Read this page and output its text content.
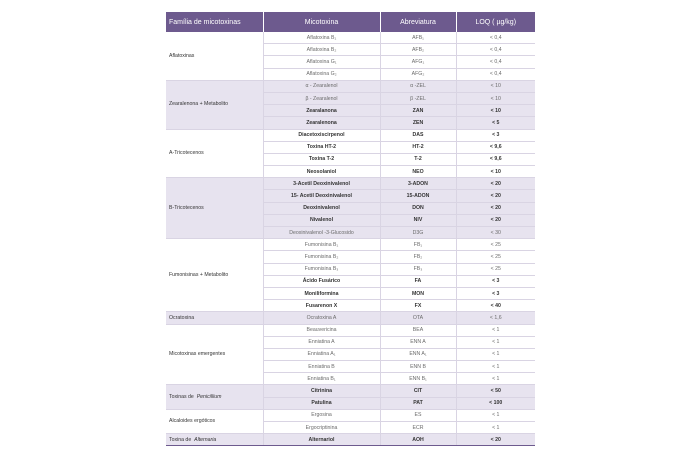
Família de micotoxinas	Micotoxina	Abreviatura	LOQ ( µg/kg)
Aflatoxinas	Aflatoxina B₁	AFB₁	< 0,4
	Aflatoxina B₂	AFB₂	< 0,4
	Aflatoxina G₁	AFG₁	< 0,4
	Aflatoxina G₂	AFG₂	< 0,4
Zearalenona + Metabolito	α - Zearalenol	α -ZEL	< 10
	β - Zearalenol	β -ZEL	< 10
	Zearalanona	ZAN	< 10
	Zearalenona	ZEN	< 5
A-Tricotecenos	Diacetoxiscirpenol	DAS	< 3
	Toxina HT-2	HT-2	< 9,6
	Toxina T-2	T-2	< 9,6
	Neosolaniol	NEO	< 10
B-Tricotecenos	3-Acetil Deoxinivalenol	3-ADON	< 20
	15- Acetil Deoxinivalenol	15-ADON	< 20
	Deoxinivalenol	DON	< 20
	Nivalenol	NIV	< 20
	Deoxinivalenol -3-Glucosido	D3G	< 30
Fumonisinas + Metabolito	Fumonisina B₁	FB₁	< 25
	Fumonisina B₂	FB₂	< 25
	Fumonisina B₃	FB₃	< 25
	Ácido Fusárico	FA	< 3
	Moniliformina	MON	< 3
	Fusarenon X	FX	< 40
Ocratoxina	Ocratoxina A	OTA	< 1,6
Micotoxinas emergentes	Beauvericina	BEA	< 1
	Enniatina A	ENN A	< 1
	Enniatina A₁	ENN A₁	< 1
	Enniatina B	ENN B	< 1
	Enniatina B₁	ENN B₁	< 1
Toxinas de Penicillium	Citrinina	CIT	< 50
	Patulina	PAT	< 100
Alcaloides ergóticos	Ergosina	ES	< 1
	Ergocriptinina	ECR	< 1
Toxina de Alternaria	Alternariol	AOH	< 20
